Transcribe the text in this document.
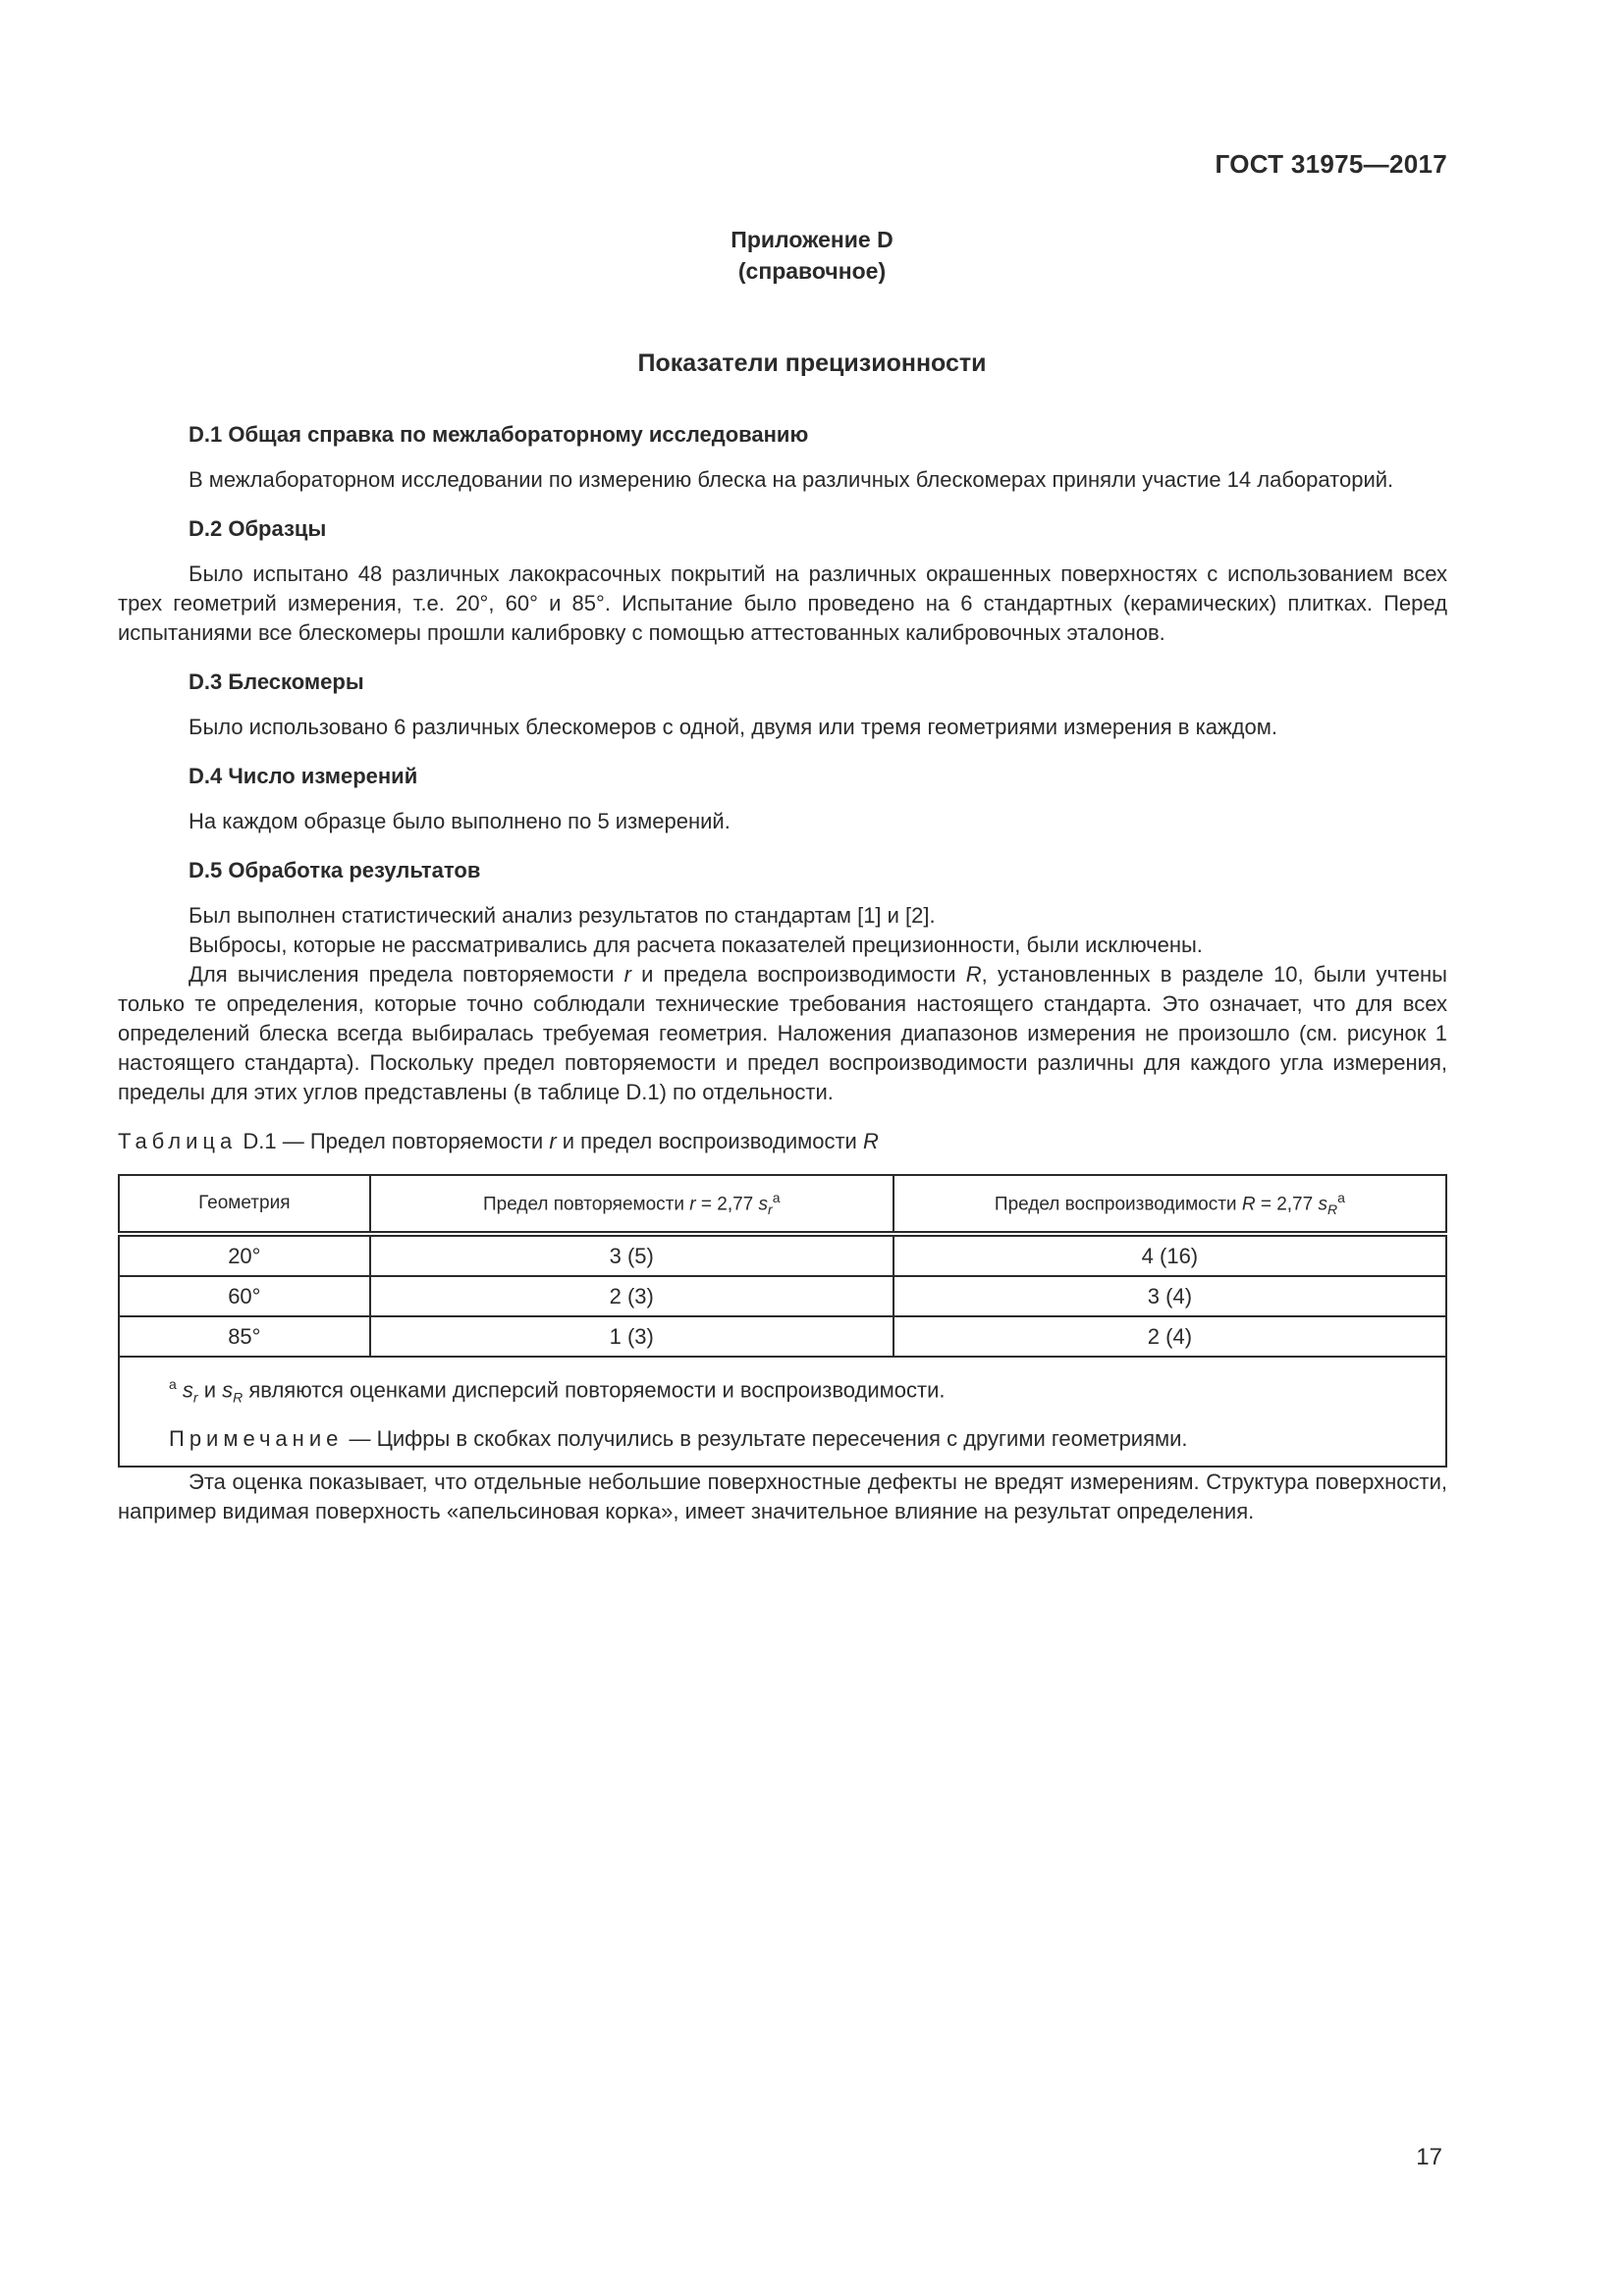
ГОСТ 31975—2017
Приложение D
(справочное)
Показатели прецизионности
D.1 Общая справка по межлабораторному исследованию

В межлабораторном исследовании по измерению блеска на различных блескомерах приняли участие 14 лабораторий.

D.2 Образцы

Было испытано 48 различных лакокрасочных покрытий на различных окрашенных поверхностях с использованием всех трех геометрий измерения, т.е. 20°, 60° и 85°. Испытание было проведено на 6 стандартных (керамических) плитках. Перед испытаниями все блескомеры прошли калибровку с помощью аттестованных калибровочных эталонов.

D.3 Блескомеры

Было использовано 6 различных блескомеров с одной, двумя или тремя геометриями измерения в каждом.

D.4 Число измерений

На каждом образце было выполнено по 5 измерений.

D.5 Обработка результатов

Был выполнен статистический анализ результатов по стандартам [1] и [2].

Выбросы, которые не рассматривались для расчета показателей прецизионности, были исключены.

Для вычисления предела повторяемости r и предела воспроизводимости R, установленных в разделе 10, были учтены только те определения, которые точно соблюдали технические требования настоящего стандарта. Это означает, что для всех определений блеска всегда выбиралась требуемая геометрия. Наложения диапазонов измерения не произошло (см. рисунок 1 настоящего стандарта). Поскольку предел повторяемости и предел воспроизводимости различны для каждого угла измерения, пределы для этих углов представлены (в таблице D.1) по отдельности.

Таблица D.1 — Предел повторяемости r и предел воспроизводимости R
Геометрия	Предел повторяемости r = 2,77 $s_r^a$	Предел воспроизводимости R = 2,77 $s_R^a$
20°	3 (5)	4 (16)
60°	2 (3)	3 (4)
85°	1 (3)	2 (4)

$^a$ $s_r$ и $s_R$ являются оценками дисперсий повторяемости и воспроизводимости.
Примечание — Цифры в скобках получились в результате пересечения с другими геометриями.		

Эта оценка показывает, что отдельные небольшие поверхностные дефекты не вредят измерениям. Структура поверхности, например видимая поверхность «апельсиновая корка», имеет значительное влияние на результат определения.

17
